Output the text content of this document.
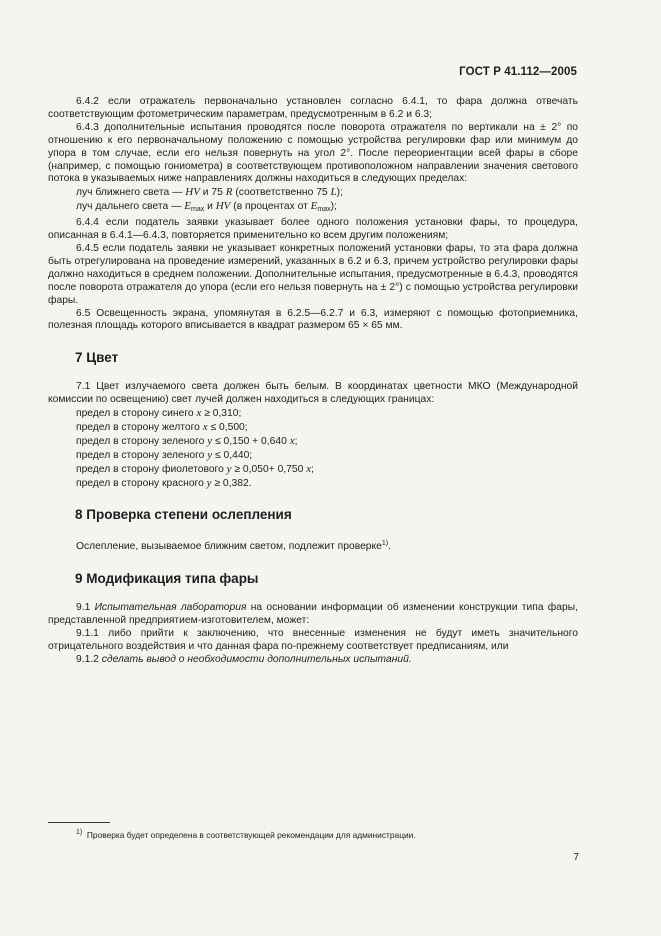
ГОСТ Р 41.112—2005

6.4.2 если отражатель первоначально установлен согласно 6.4.1, то фара должна отвечать соответствующим фотометрическим параметрам, предусмотренным в 6.2 и 6.3;

6.4.3 дополнительные испытания проводятся после поворота отражателя по вертикали на ± 2° по отношению к его первоначальному положению с помощью устройства регулировки фар или минимум до упора в том случае, если его нельзя повернуть на угол 2°. После переориентации всей фары в сборе (например, с помощью гониометра) в соответствующем противоположном направлении значения светового потока в указываемых ниже направлениях должны находиться в следующих пределах:

луч ближнего света — HV и 75 R (соответственно 75 L);

луч дальнего света — $E_{max}$ и HV (в процентах от $E_{max}$);

6.4.4 если податель заявки указывает более одного положения установки фары, то процедура, описанная в 6.4.1—6.4.3, повторяется применительно ко всем другим положениям;

6.4.5 если податель заявки не указывает конкретных положений установки фары, то эта фара должна быть отрегулирована на проведение измерений, указанных в 6.2 и 6.3, причем устройство регулировки фары должно находиться в среднем положении. Дополнительные испытания, предусмотренные в 6.4.3, проводятся после поворота отражателя до упора (если его нельзя повернуть на ± 2°) с помощью устройства регулировки фары.

6.5 Освещенность экрана, упомянутая в 6.2.5—6.2.7 и 6.3, измеряют с помощью фотоприемника, полезная площадь которого вписывается в квадрат размером 65 × 65 мм.

7 Цвет

7.1 Цвет излучаемого света должен быть белым. В координатах цветности МКО (Международной комиссии по освещению) свет лучей должен находиться в следующих границах:

предел в сторону синего x ≥ 0,310;

предел в сторону желтого x ≤ 0,500;

предел в сторону зеленого y ≤ 0,150 + 0,640 x;

предел в сторону зеленого y ≤ 0,440;

предел в сторону фиолетового y ≥ 0,050+ 0,750 x;

предел в сторону красного y ≥ 0,382.

8 Проверка степени ослепления

Ослепление, вызываемое ближним светом, подлежит проверке$^{1)}$.

9 Модификация типа фары

9.1 Испытательная лаборатория на основании информации об изменении конструкции типа фары, представленной предприятием-изготовителем, может:

9.1.1 либо прийти к заключению, что внесенные изменения не будут иметь значительного отрицательного воздействия и что данная фара по-прежнему соответствует предписаниям, или

9.1.2 сделать вывод о необходимости дополнительных испытаний.

$^{1)}$ Проверка будет определена в соответствующей рекомендации для администрации.
7
